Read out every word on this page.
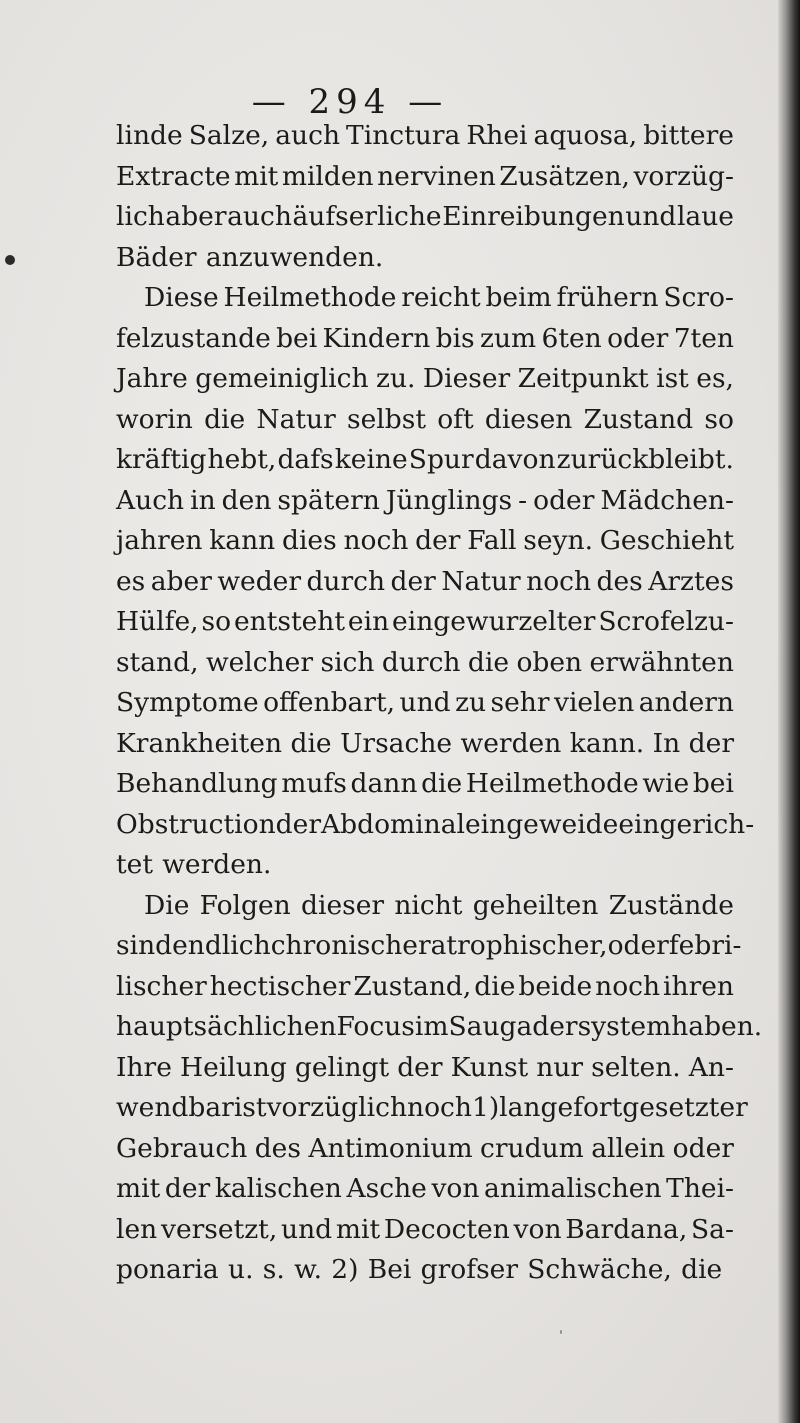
— 294 —
linde Salze, auch Tinctura Rhei aquosa, bittere
Extracte mit milden nervinen Zusätzen, vorzüg-
lich aber auch äufserliche Einreibungen und laue
Bäder anzuwenden.
Diese Heilmethode reicht beim frühern Scro-
felzustande bei Kindern bis zum 6ten oder 7ten
Jahre gemeiniglich zu. Dieser Zeitpunkt ist es,
worin die Natur selbst oft diesen Zustand so
kräftig hebt, dafs keine Spur davon zurückbleibt.
Auch in den spätern Jünglings - oder Mädchen-
jahren kann dies noch der Fall seyn. Geschieht
es aber weder durch der Natur noch des Arztes
Hülfe, so entsteht ein eingewurzelter Scrofelzu-
stand, welcher sich durch die oben erwähnten
Symptome offenbart, und zu sehr vielen andern
Krankheiten die Ursache werden kann. In der
Behandlung mufs dann die Heilmethode wie bei
Obstruction der Abdominaleingeweide eingerich-
tet werden.
Die Folgen dieser nicht geheilten Zustände
sind endlich chronischer atrophischer, oder febri-
lischer hectischer Zustand, die beide noch ihren
hauptsächlichen Focus im Saugadersystem haben.
Ihre Heilung gelingt der Kunst nur selten. An-
wendbar ist vorzüglich noch 1) lange fortgesetzter
Gebrauch des Antimonium crudum allein oder
mit der kalischen Asche von animalischen Thei-
len versetzt, und mit Decocten von Bardana, Sa-
ponaria u. s. w. 2) Bei grofser Schwäche, die
